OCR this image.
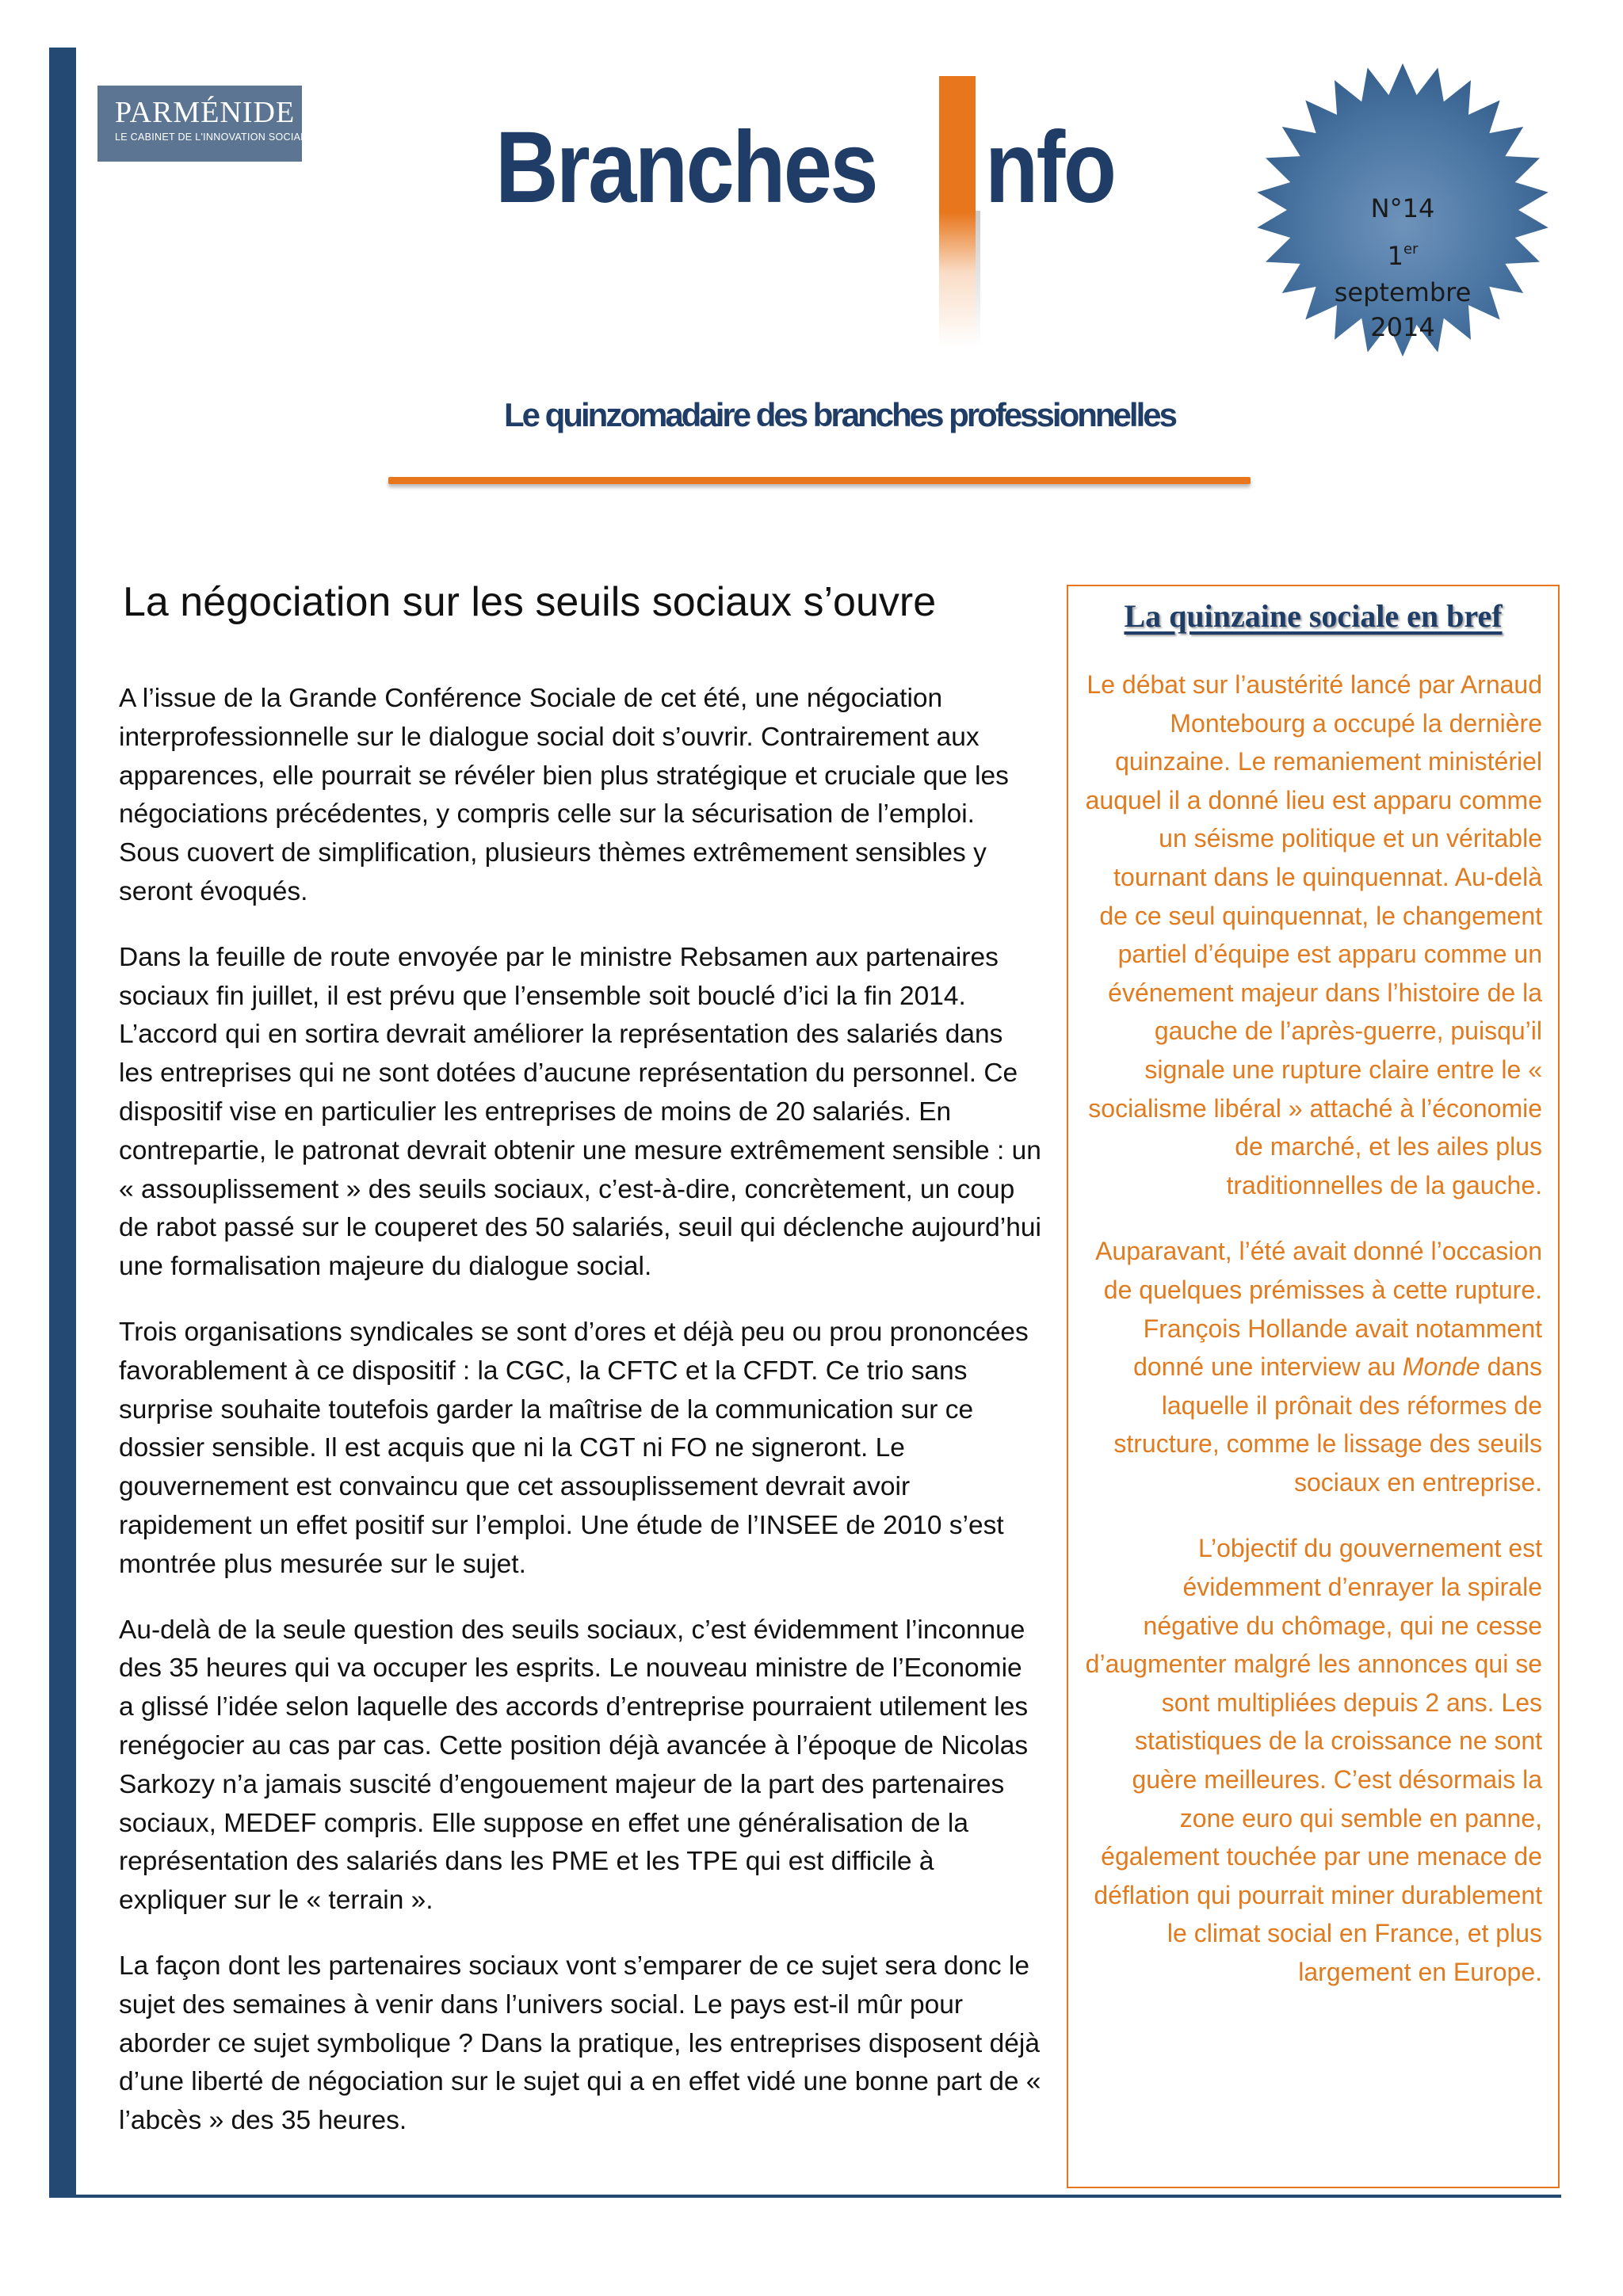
PARMÉNIDE
LE CABINET DE L'INNOVATION SOCIALE Branches nfo
Le quinzomadaire des branches professionnelles
N°14
1er
septembre
2014
La négociation sur les seuils sociaux s’ouvre

A l’issue de la Grande Conférence Sociale de cet été, une négociation interprofessionnelle sur le dialogue social doit s’ouvrir. Contrairement aux apparences, elle pourrait se révéler bien plus stratégique et cruciale que les négociations précédentes, y compris celle sur la sécurisation de l’emploi. Sous cuovert de simplification, plusieurs thèmes extrêmement sensibles y seront évoqués.

Dans la feuille de route envoyée par le ministre Rebsamen aux partenaires sociaux fin juillet, il est prévu que l’ensemble soit bouclé d’ici la fin 2014. L’accord qui en sortira devrait améliorer la représentation des salariés dans les entreprises qui ne sont dotées d’aucune représentation du personnel. Ce dispositif vise en particulier les entreprises de moins de 20 salariés. En contrepartie, le patronat devrait obtenir une mesure extrêmement sensible : un « assouplissement » des seuils sociaux, c’est-à-dire, concrètement, un coup de rabot passé sur le couperet des 50 salariés, seuil qui déclenche aujourd’hui une formalisation majeure du dialogue social.

Trois organisations syndicales se sont d’ores et déjà peu ou prou prononcées favorablement à ce dispositif : la CGC, la CFTC et la CFDT. Ce trio sans surprise souhaite toutefois garder la maîtrise de la communication sur ce dossier sensible. Il est acquis que ni la CGT ni FO ne signeront. Le gouvernement est convaincu que cet assouplissement devrait avoir rapidement un effet positif sur l’emploi. Une étude de l’INSEE de 2010 s’est montrée plus mesurée sur le sujet.

Au-delà de la seule question des seuils sociaux, c’est évidemment l’inconnue des 35 heures qui va occuper les esprits. Le nouveau ministre de l’Economie a glissé l’idée selon laquelle des accords d’entreprise pourraient utilement les renégocier au cas par cas. Cette position déjà avancée à l’époque de Nicolas Sarkozy n’a jamais suscité d’engouement majeur de la part des partenaires sociaux, MEDEF compris. Elle suppose en effet une généralisation de la représentation des salariés dans les PME et les TPE qui est difficile à expliquer sur le « terrain ».

La façon dont les partenaires sociaux vont s’emparer de ce sujet sera donc le sujet des semaines à venir dans l’univers social. Le pays est-il mûr pour aborder ce sujet symbolique ? Dans la pratique, les entreprises disposent déjà d’une liberté de négociation sur le sujet qui a en effet vidé une bonne part de « l’abcès » des 35 heures.

La quinzaine sociale en bref

Le débat sur l’austérité lancé par Arnaud Montebourg a occupé la dernière quinzaine. Le remaniement ministériel auquel il a donné lieu est apparu comme un séisme politique et un véritable tournant dans le quinquennat. Au-delà de ce seul quinquennat, le changement partiel d’équipe est apparu comme un événement majeur dans l’histoire de la gauche de l’après-guerre, puisqu’il signale une rupture claire entre le « socialisme libéral » attaché à l’économie de marché, et les ailes plus traditionnelles de la gauche.

Auparavant, l’été avait donné l’occasion de quelques prémisses à cette rupture. François Hollande avait notamment donné une interview au Monde dans laquelle il prônait des réformes de structure, comme le lissage des seuils sociaux en entreprise.

L’objectif du gouvernement est évidemment d’enrayer la spirale négative du chômage, qui ne cesse d’augmenter malgré les annonces qui se sont multipliées depuis 2 ans. Les statistiques de la croissance ne sont guère meilleures. C’est désormais la zone euro qui semble en panne, également touchée par une menace de déflation qui pourrait miner durablement le climat social en France, et plus largement en Europe.
